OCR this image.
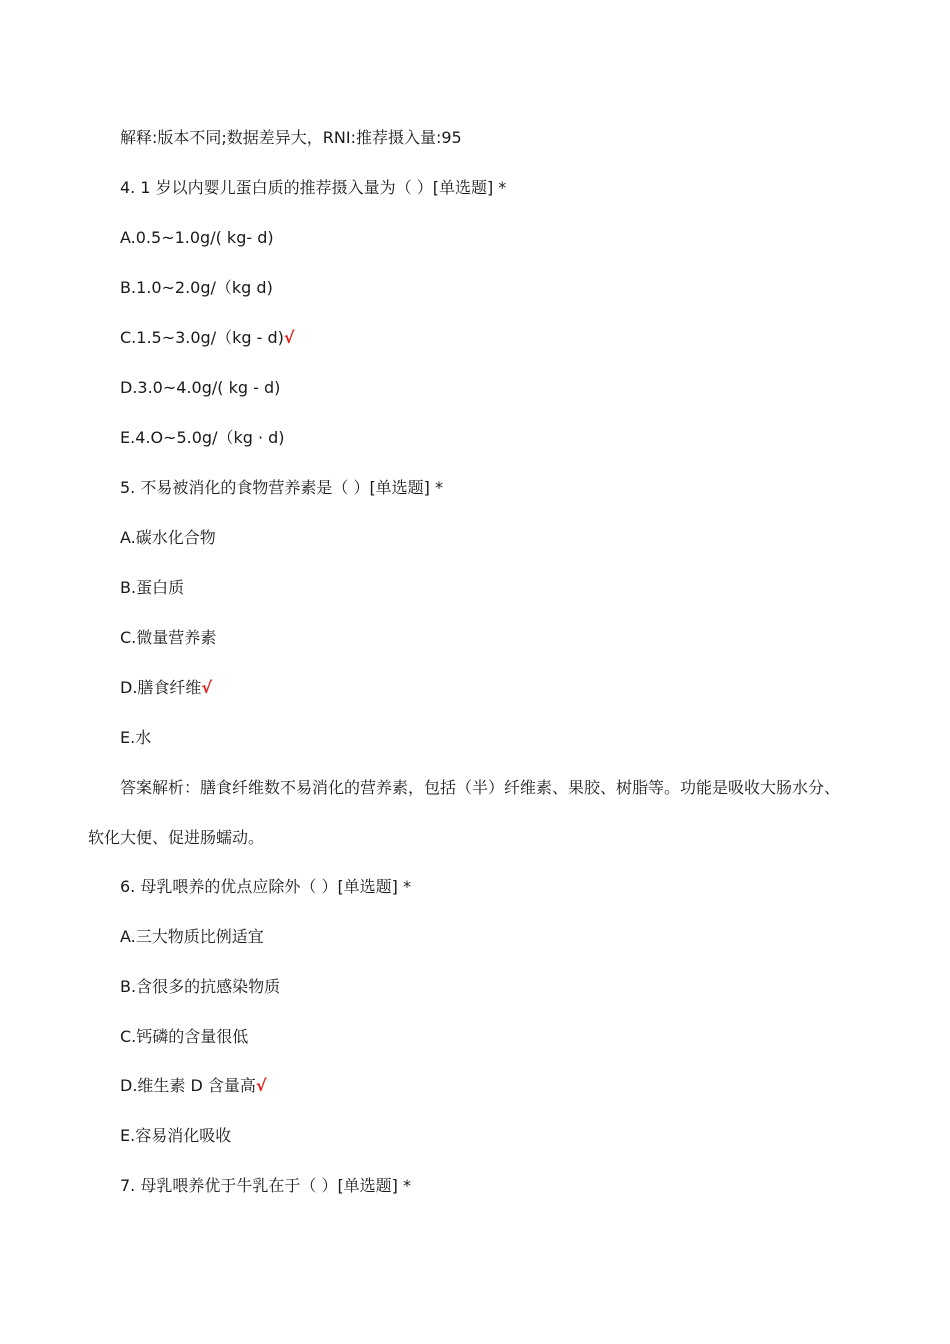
解释:版本不同;数据差异大，RNI:推荐摄入量:95
4. 1 岁以内婴儿蛋白质的推荐摄入量为（ ）[单选题] *
A.0.5~1.0g/( kg- d)
B.1.0~2.0g/（kg d)
C.1.5~3.0g/（kg - d)√
D.3.0~4.0g/( kg - d)
E.4.O~5.0g/（kg · d)
5. 不易被消化的食物营养素是（ ）[单选题] *
A.碳水化合物
B.蛋白质
C.微量营养素
D.膳食纤维√
E.水
答案解析：膳食纤维数不易消化的营养素，包括（半）纤维素、果胶、树脂等。功能是吸收大肠水分、
软化大便、促进肠蠕动。
6. 母乳喂养的优点应除外（ ）[单选题] *
A.三大物质比例适宜
B.含很多的抗感染物质
C.钙磷的含量很低
D.维生素 D 含量高√
E.容易消化吸收
7. 母乳喂养优于牛乳在于（ ）[单选题] *
